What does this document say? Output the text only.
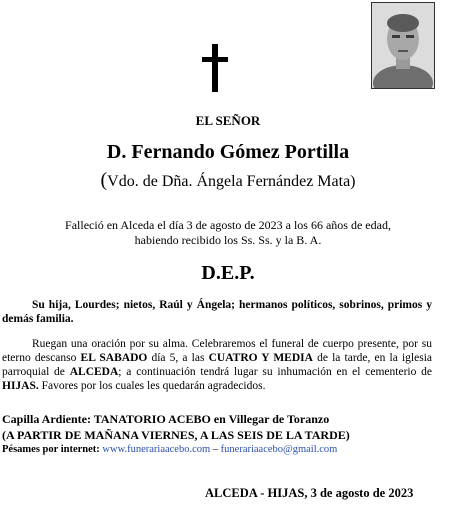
EL SEÑOR
D. Fernando Gómez Portilla
(Vdo. de Dña. Ángela Fernández Mata)
Falleció en Alceda el día 3 de agosto de 2023 a los 66 años de edad,
habiendo recibido los Ss. Ss. y la B. A.
D.E.P.
Su hija, Lourdes; nietos, Raúl y Ángela; hermanos políticos, sobrinos, primos y demás familia.
Ruegan una oración por su alma. Celebraremos el funeral de cuerpo presente, por su eterno descanso EL SABADO día 5, a las CUATRO Y MEDIA de la tarde, en la iglesia parroquial de ALCEDA; a continuación tendrá lugar su inhumación en el cementerio de HIJAS. Favores por los cuales les quedarán agradecidos.
Capilla Ardiente: TANATORIO ACEBO en Villegar de Toranzo
(A PARTIR DE MAÑANA VIERNES, A LAS SEIS DE LA TARDE)
Pésames por internet: www.funerariaacebo.com – funerariaacebo@gmail.com
ALCEDA - HIJAS, 3 de agosto de 2023
